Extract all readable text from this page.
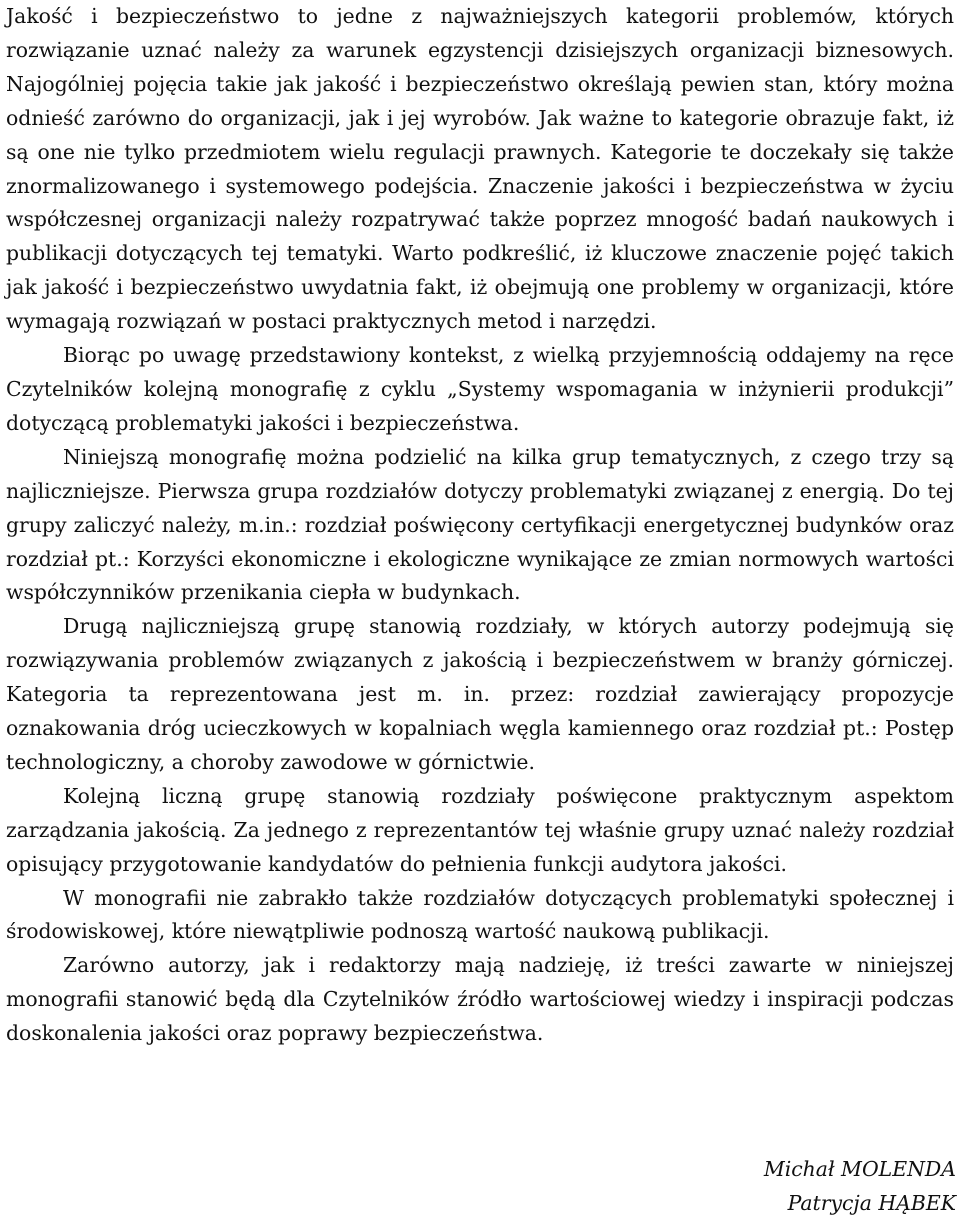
Jakość i bezpieczeństwo to jedne z najważniejszych kategorii problemów, których rozwiązanie uznać należy za warunek egzystencji dzisiejszych organizacji biznesowych. Najogólniej pojęcia takie jak jakość i bezpieczeństwo określają pewien stan, który można odnieść zarówno do organizacji, jak i jej wyrobów. Jak ważne to kategorie obrazuje fakt, iż są one nie tylko przedmiotem wielu regulacji prawnych. Kategorie te doczekały się także znormalizowanego i systemowego podejścia. Znaczenie jakości i bezpieczeństwa w życiu współczesnej organizacji należy rozpatrywać także poprzez mnogość badań naukowych i publikacji dotyczących tej tematyki. Warto podkreślić, iż kluczowe znaczenie pojęć takich jak jakość i bezpieczeństwo uwydatnia fakt, iż obejmują one problemy w organizacji, które wymagają rozwiązań w postaci praktycznych metod i narzędzi.

Biorąc po uwagę przedstawiony kontekst, z wielką przyjemnością oddajemy na ręce Czytelników kolejną monografię z cyklu „Systemy wspomagania w inżynierii produkcji” dotyczącą problematyki jakości i bezpieczeństwa.

Niniejszą monografię można podzielić na kilka grup tematycznych, z czego trzy są najliczniejsze. Pierwsza grupa rozdziałów dotyczy problematyki związanej z energią. Do tej grupy zaliczyć należy, m.in.: rozdział poświęcony certyfikacji energetycznej budynków oraz rozdział pt.: Korzyści ekonomiczne i ekologiczne wynikające ze zmian normowych wartości współczynników przenikania ciepła w budynkach.

Drugą najliczniejszą grupę stanowią rozdziały, w których autorzy podejmują się rozwiązywania problemów związanych z jakością i bezpieczeństwem w branży górniczej. Kategoria ta reprezentowana jest m. in. przez: rozdział zawierający propozycje oznakowania dróg ucieczkowych w kopalniach węgla kamiennego oraz rozdział pt.: Postęp technologiczny, a choroby zawodowe w górnictwie.

Kolejną liczną grupę stanowią rozdziały poświęcone praktycznym aspektom zarządzania jakością. Za jednego z reprezentantów tej właśnie grupy uznać należy rozdział opisujący przygotowanie kandydatów do pełnienia funkcji audytora jakości.

W monografii nie zabrakło także rozdziałów dotyczących problematyki społecznej i środowiskowej, które niewątpliwie podnoszą wartość naukową publikacji.

Zarówno autorzy, jak i redaktorzy mają nadzieję, iż treści zawarte w niniejszej monografii stanowić będą dla Czytelników źródło wartościowej wiedzy i inspiracji podczas doskonalenia jakości oraz poprawy bezpieczeństwa.

Michał MOLENDA
Patrycja HĄBEK
